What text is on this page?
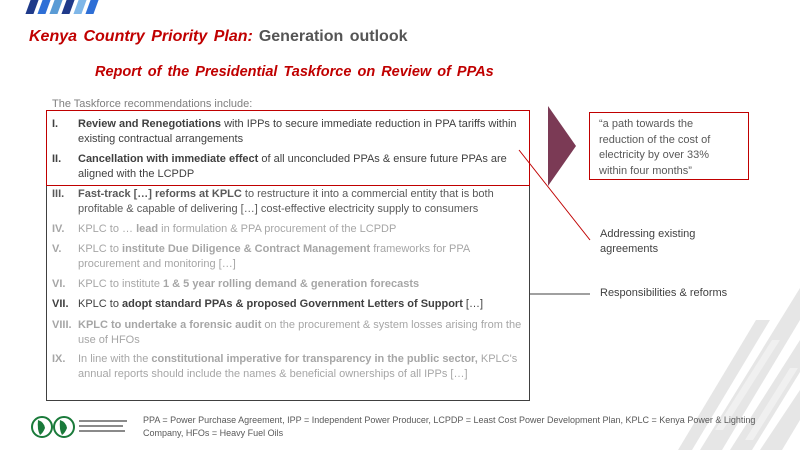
Kenya Country Priority Plan: Generation outlook
Report of the Presidential Taskforce on Review of PPAs
The Taskforce recommendations include:
I. Review and Renegotiations with IPPs to secure immediate reduction in PPA tariffs within existing contractual arrangements
II. Cancellation with immediate effect of all unconcluded PPAs & ensure future PPAs are aligned with the LCPDP
III. Fast-track […] reforms at KPLC to restructure it into a commercial entity that is both profitable & capable of delivering […] cost-effective electricity supply to consumers
IV. KPLC to … lead in formulation & PPA procurement of the LCPDP
V. KPLC to institute Due Diligence & Contract Management frameworks for PPA procurement and monitoring […]
VI. KPLC to institute 1 & 5 year rolling demand & generation forecasts
VII. KPLC to adopt standard PPAs & proposed Government Letters of Support […]
VIII. KPLC to undertake a forensic audit on the procurement & system losses arising from the use of HFOs
IX. In line with the constitutional imperative for transparency in the public sector, KPLC's annual reports should include the names & beneficial ownerships of all IPPs […]
“a path towards the reduction of the cost of electricity by over 33% within four months”
Addressing existing agreements
Responsibilities & reforms
PPA = Power Purchase Agreement, IPP = Independent Power Producer, LCPDP = Least Cost Power Development Plan, KPLC = Kenya Power & Lighting Company, HFOs = Heavy Fuel Oils
